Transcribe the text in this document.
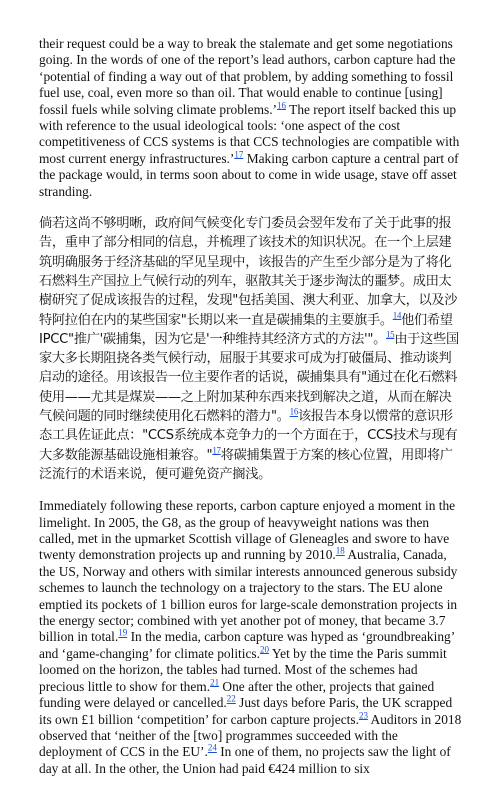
their request could be a way to break the stalemate and get some negotiations going. In the words of one of the report’s lead authors, carbon capture had the ‘potential of finding a way out of that problem, by adding something to fossil fuel use, coal, even more so than oil. That would enable to continue [using] fossil fuels while solving climate problems.’$^{16}$ The report itself backed this up with reference to the usual ideological tools: ‘one aspect of the cost competitiveness of CCS systems is that CCS technologies are compatible with most current energy infrastructures.’$^{17}$ Making carbon capture a central part of the package would, in terms soon about to come in wide usage, stave off asset stranding.

倘若这尚不够明晰，政府间气候变化专门委员会翌年发布了关于此事的报告，重申了部分相同的信息，并梳理了该技术的知识状况。在一个上层建筑明确服务于经济基础的罕见呈现中，该报告的产生至少部分是为了将化石燃料生产国拉上气候行动的列车，驱散其关于逐步淘汰的噩梦。成田太樹研究了促成该报告的过程，发现"包括美国、澳大利亚、加拿大，以及沙特阿拉伯在内的某些国家"长期以来一直是碳捕集的主要旗手。$^{14}$他们希望IPCC"推广'碳捕集，因为它是'一种维持其经济方式的方法'"。$^{15}$由于这些国家大多长期阻挠各类气候行动，屈服于其要求可成为打破僵局、推动谈判启动的途径。用该报告一位主要作者的话说，碳捕集具有"通过在化石燃料使用——尤其是煤炭——之上附加某种东西来找到解决之道，从而在解决气候问题的同时继续使用化石燃料的潜力"。$^{16}$该报告本身以惯常的意识形态工具佐证此点："CCS系统成本竞争力的一个方面在于，CCS技术与现有大多数能源基础设施相兼容。"$^{17}$将碳捕集置于方案的核心位置，用即将广泛流行的术语来说，便可避免资产搁浅。

Immediately following these reports, carbon capture enjoyed a moment in the limelight. In 2005, the G8, as the group of heavyweight nations was then called, met in the upmarket Scottish village of Gleneagles and swore to have twenty demonstration projects up and running by 2010.18 Australia, Canada, the US, Norway and others with similar interests announced generous subsidy schemes to launch the technology on a trajectory to the stars. The EU alone emptied its pockets of 1 billion euros for large-scale demonstration projects in the energy sector; combined with yet another pot of money, that became 3.7 billion in total.$^{19}$ In the media, carbon capture was hyped as ‘groundbreaking’ and ‘game-changing’ for climate politics.$^{20}$ Yet by the time the Paris summit loomed on the horizon, the tables had turned. Most of the schemes had precious little to show for them.$^{21}$ One after the other, projects that gained funding were delayed or cancelled.$^{22}$ Just days before Paris, the UK scrapped its own £1 billion ‘competition’ for carbon capture projects.$^{23}$ Auditors in 2018 observed that ‘neither of the [two] programmes succeeded with the deployment of CCS in the EU’.$^{24}$ In one of them, no projects saw the light of day at all. In the other, the Union had paid €424 million to six
